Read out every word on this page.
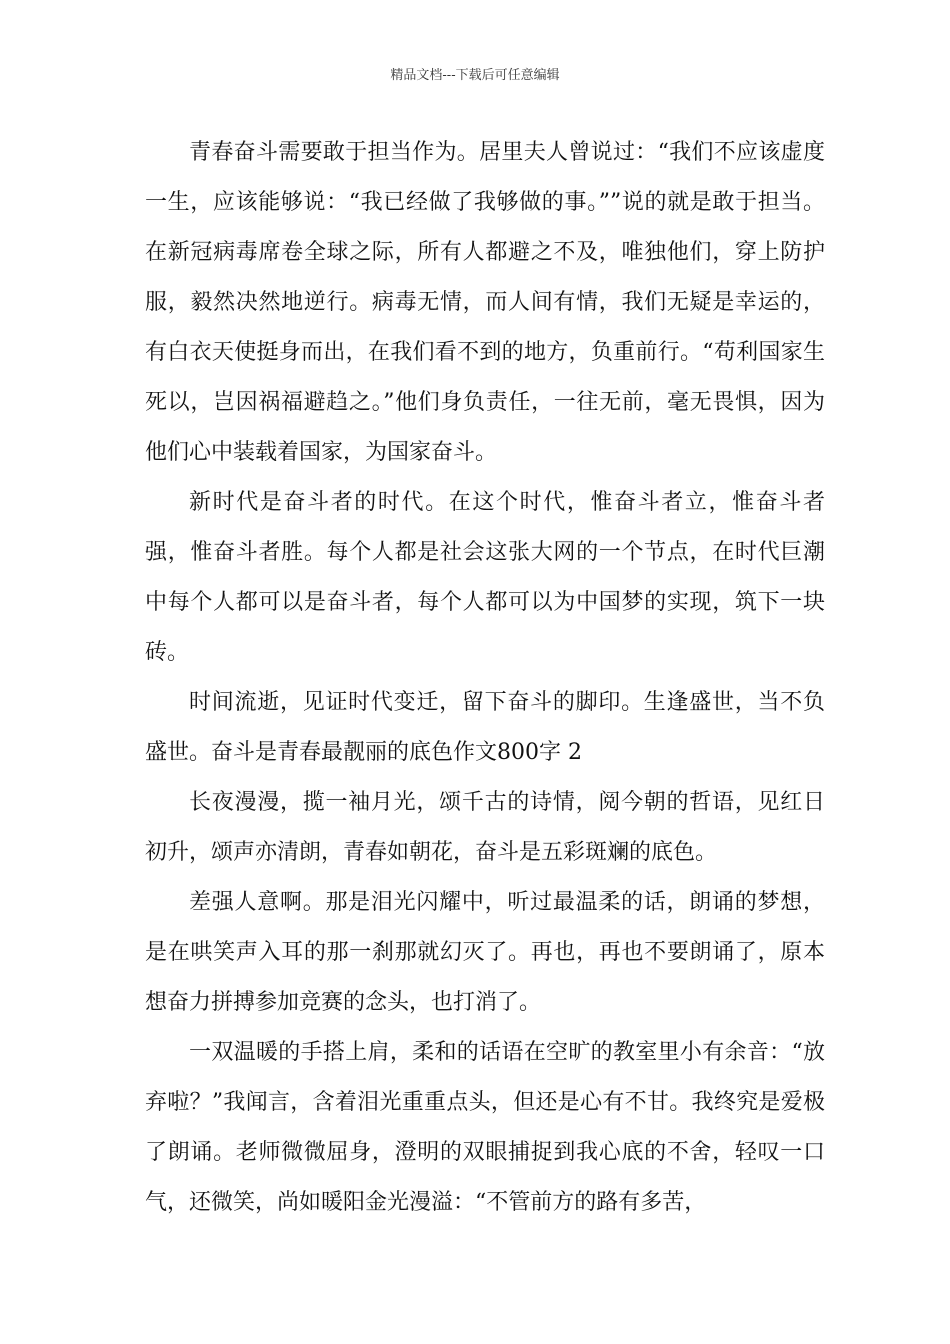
精品文档---下载后可任意编辑

青春奋斗需要敢于担当作为。居里夫人曾说过：“我们不应该虚度一生，应该能够说：“我已经做了我够做的事。””说的就是敢于担当。在新冠病毒席卷全球之际，所有人都避之不及，唯独他们，穿上防护服，毅然决然地逆行。病毒无情，而人间有情，我们无疑是幸运的，有白衣天使挺身而出，在我们看不到的地方，负重前行。“苟利国家生死以，岂因祸福避趋之。”他们身负责任，一往无前，毫无畏惧，因为他们心中装载着国家，为国家奋斗。

新时代是奋斗者的时代。在这个时代，惟奋斗者立，惟奋斗者强，惟奋斗者胜。每个人都是社会这张大网的一个节点，在时代巨潮中每个人都可以是奋斗者，每个人都可以为中国梦的实现，筑下一块砖。

时间流逝，见证时代变迁，留下奋斗的脚印。生逢盛世，当不负盛世。奋斗是青春最靓丽的底色作文800字 2

长夜漫漫，揽一袖月光，颂千古的诗情，阅今朝的哲语，见红日初升，颂声亦清朗，青春如朝花，奋斗是五彩斑斓的底色。

差强人意啊。那是泪光闪耀中，听过最温柔的话，朗诵的梦想，是在哄笑声入耳的那一刹那就幻灭了。再也，再也不要朗诵了，原本想奋力拼搏参加竞赛的念头，也打消了。

一双温暖的手搭上肩，柔和的话语在空旷的教室里小有余音：“放弃啦？”我闻言，含着泪光重重点头，但还是心有不甘。我终究是爱极了朗诵。老师微微屈身，澄明的双眼捕捉到我心底的不舍，轻叹一口气，还微笑，尚如暖阳金光漫溢：“不管前方的路有多苦，
